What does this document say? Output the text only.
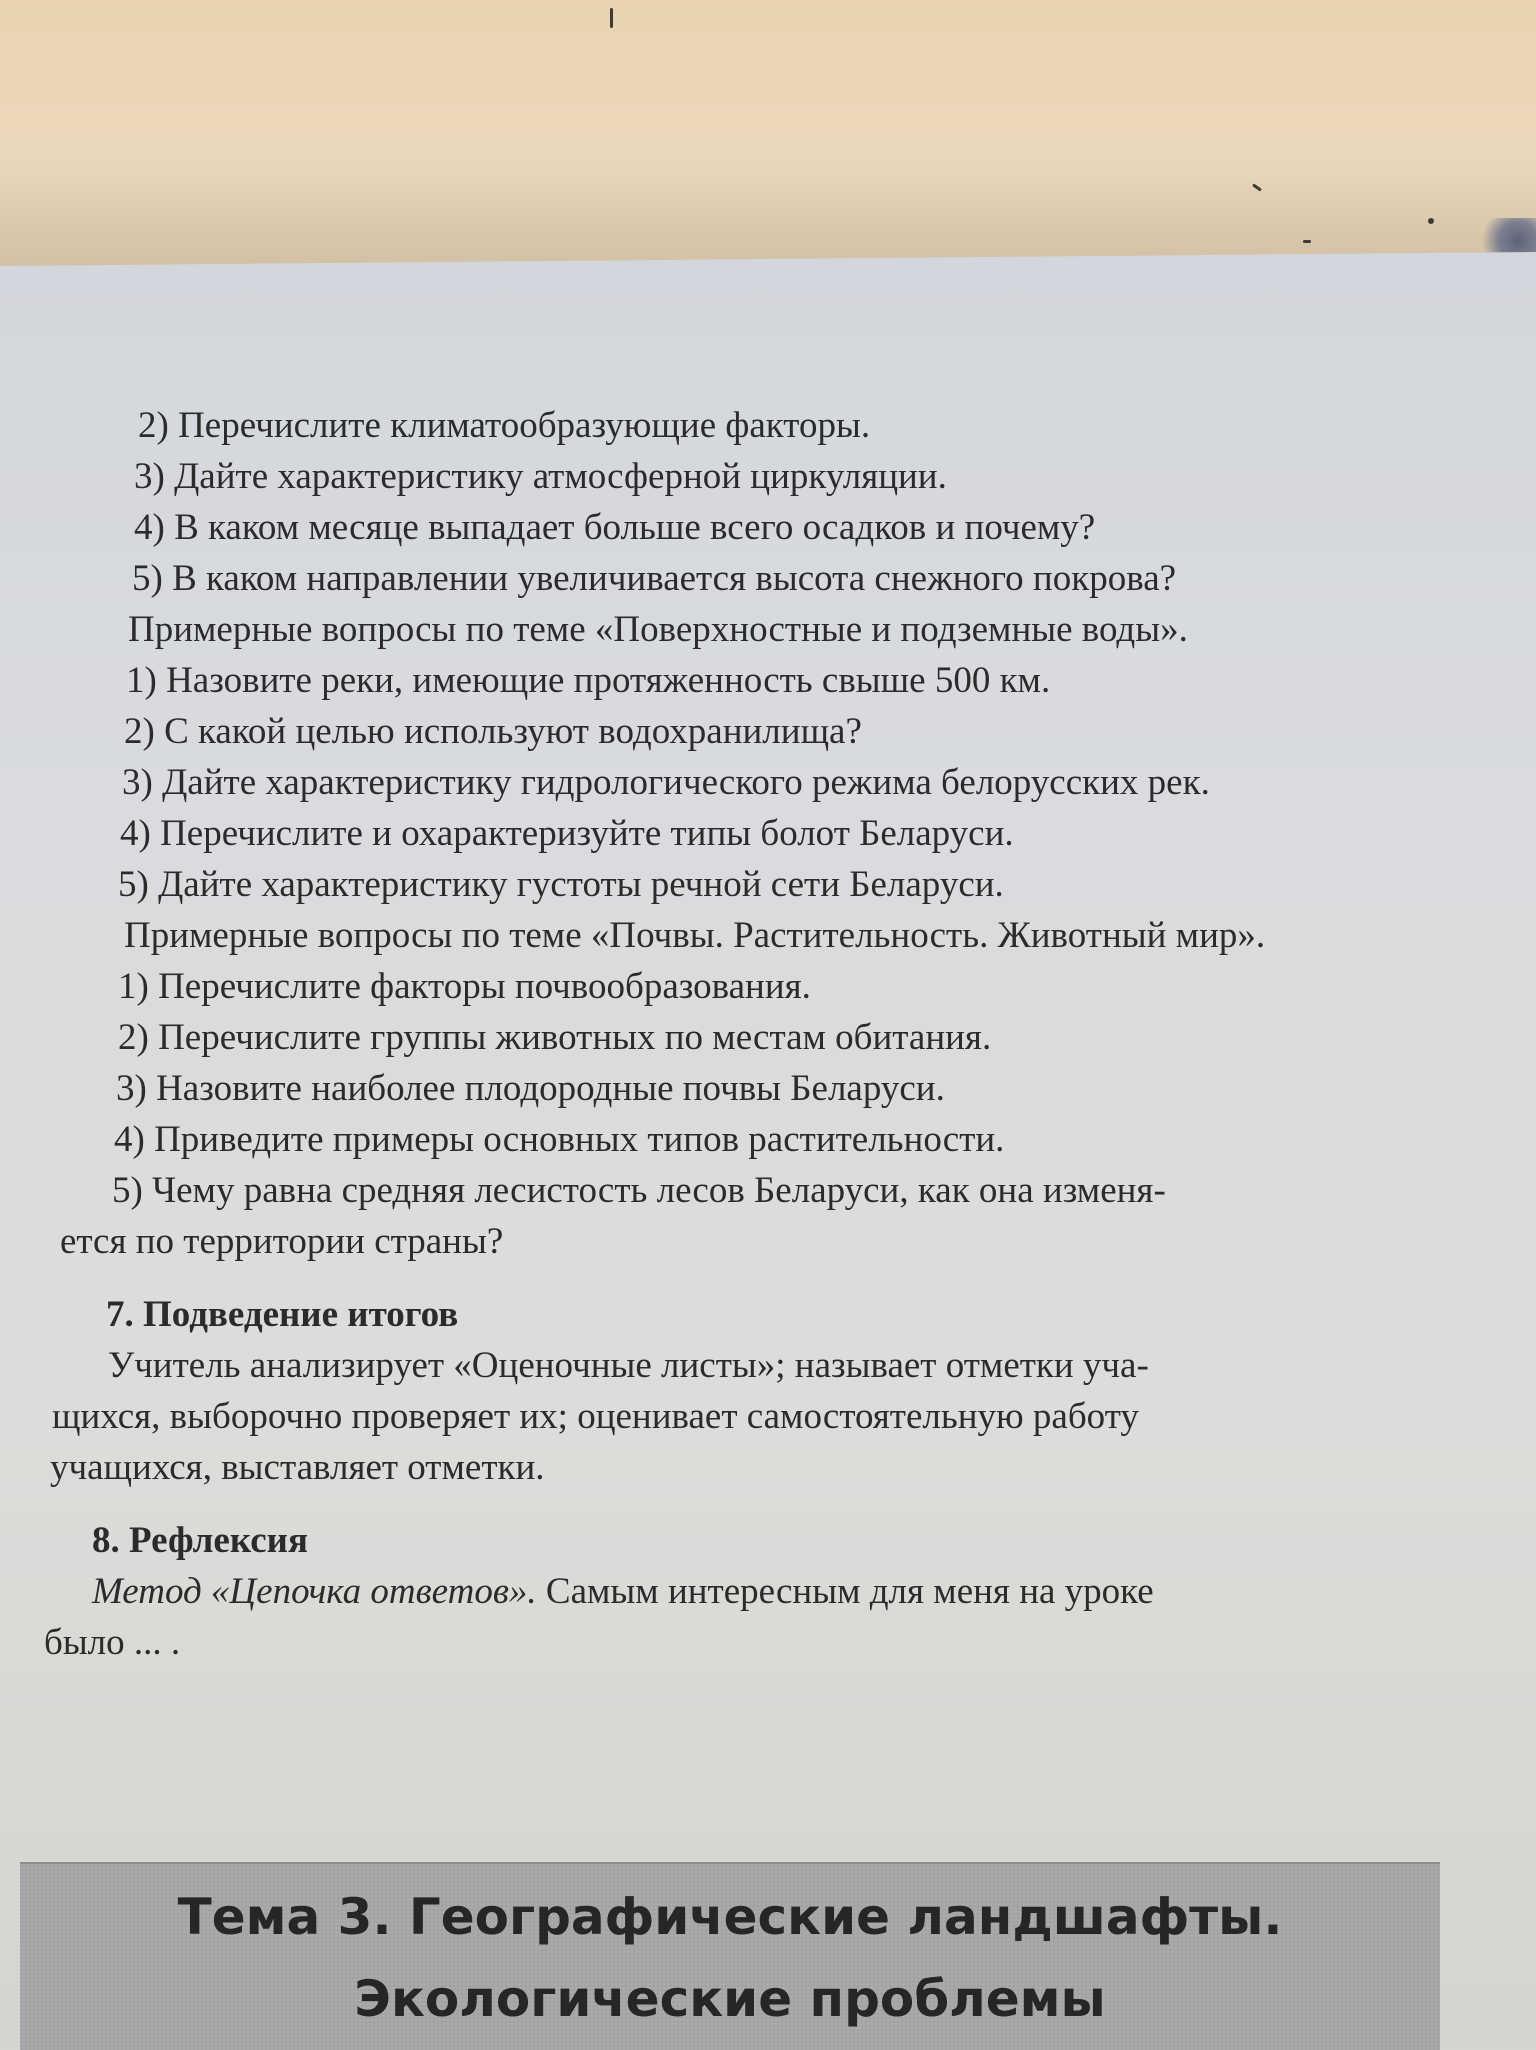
2) Перечислите климатообразующие факторы.
3) Дайте характеристику атмосферной циркуляции.
4) В каком месяце выпадает больше всего осадков и почему?
5) В каком направлении увеличивается высота снежного покрова?
Примерные вопросы по теме «Поверхностные и подземные воды».
1) Назовите реки, имеющие протяженность свыше 500 км.
2) С какой целью используют водохранилища?
3) Дайте характеристику гидрологического режима белорусских рек.
4) Перечислите и охарактеризуйте типы болот Беларуси.
5) Дайте характеристику густоты речной сети Беларуси.
Примерные вопросы по теме «Почвы. Растительность. Животный мир».
1) Перечислите факторы почвообразования.
2) Перечислите группы животных по местам обитания.
3) Назовите наиболее плодородные почвы Беларуси.
4) Приведите примеры основных типов растительности.
5) Чему равна средняя лесистость лесов Беларуси, как она изменя-
ется по территории страны?
7. Подведение итогов
Учитель анализирует «Оценочные листы»; называет отметки уча-
щихся, выборочно проверяет их; оценивает самостоятельную работу
учащихся, выставляет отметки.
8. Рефлексия
Метод «Цепочка ответов». Самым интересным для меня на уроке
было ... .
Тема 3. Географические ландшафты.
Экологические проблемы
